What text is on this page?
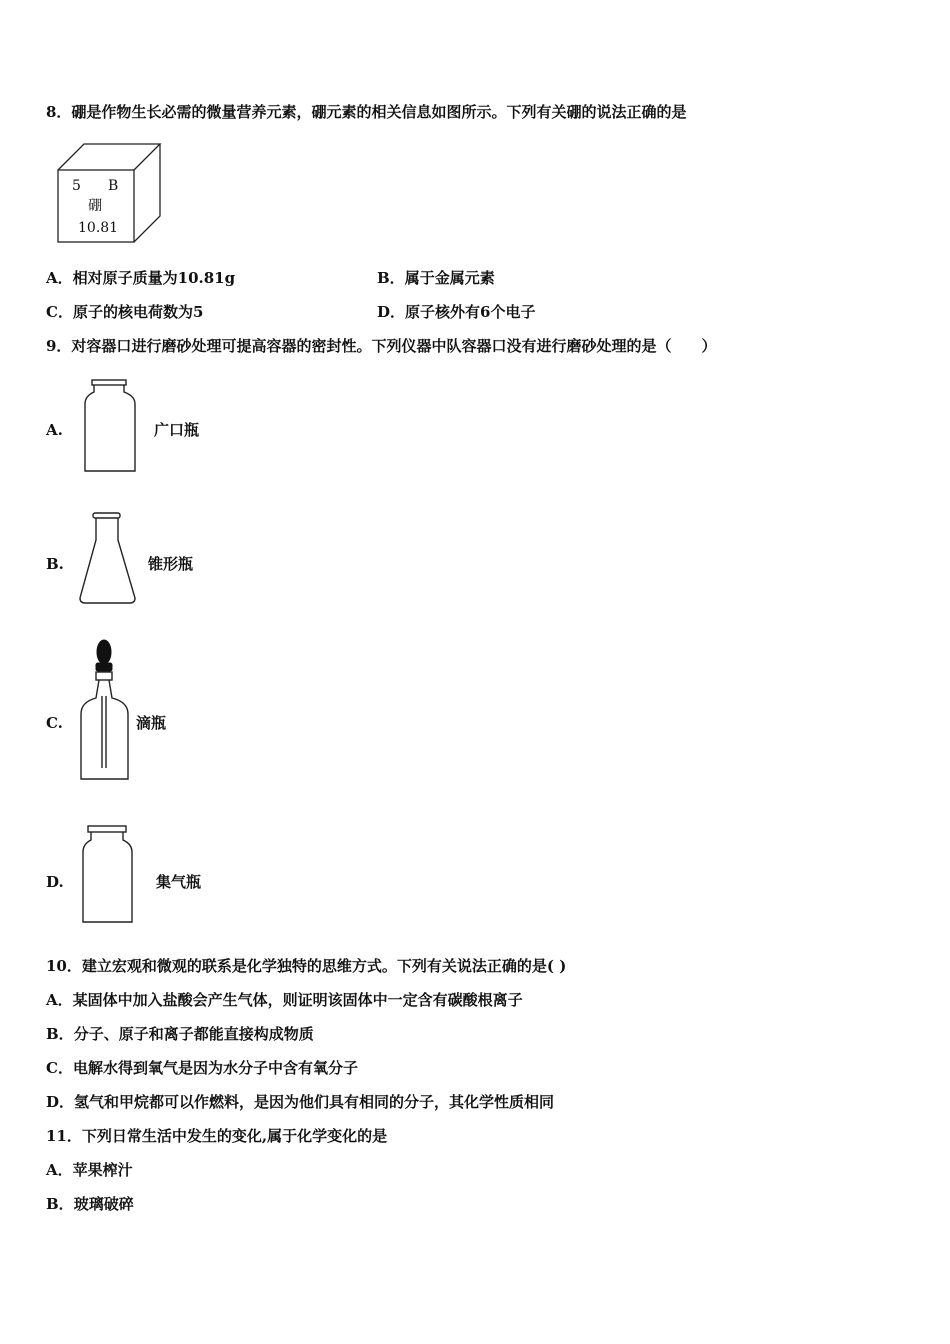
8．硼是作物生长必需的微量营养元素，硼元素的相关信息如图所示。下列有关硼的说法正确的是
5 B
硼
10.81
A．相对原子质量为10.81g	B．属于金属元素
C．原子的核电荷数为5	D．原子核外有6个电子
9．对容器口进行磨砂处理可提高容器的密封性。下列仪器中队容器口没有进行磨砂处理的是（　　）
A.	广口瓶
B.	锥形瓶
C.	滴瓶
D.	集气瓶
10．建立宏观和微观的联系是化学独特的思维方式。下列有关说法正确的是( )
A．某固体中加入盐酸会产生气体，则证明该固体中一定含有碳酸根离子
B．分子、原子和离子都能直接构成物质
C．电解水得到氧气是因为水分子中含有氧分子
D．氢气和甲烷都可以作燃料，是因为他们具有相同的分子，其化学性质相同
11．下列日常生活中发生的变化,属于化学变化的是
A．苹果榨汁
B．玻璃破碎
